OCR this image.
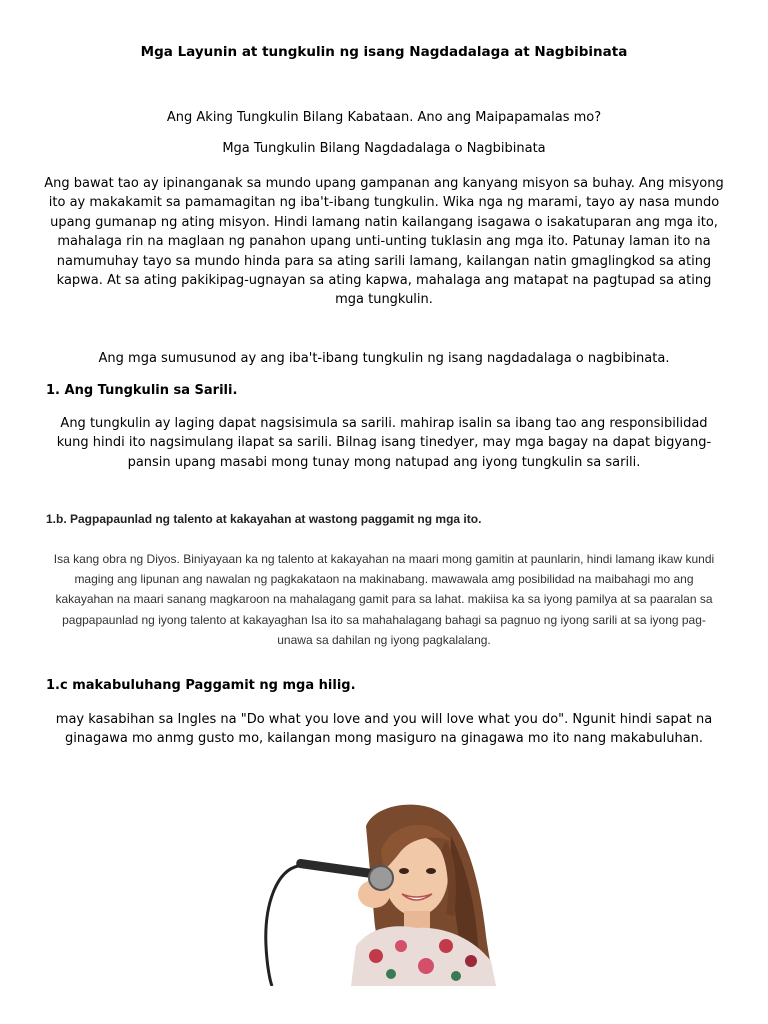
Mga Layunin at tungkulin ng isang Nagdadalaga at Nagbibinata
Ang Aking Tungkulin Bilang Kabataan. Ano ang Maipapamalas mo?
Mga Tungkulin Bilang Nagdadalaga o Nagbibinata
Ang bawat tao ay ipinanganak sa mundo upang gampanan ang kanyang misyon sa buhay. Ang misyong ito ay makakamit sa pamamagitan ng iba't-ibang tungkulin. Wika nga ng marami, tayo ay nasa mundo upang gumanap ng ating misyon. Hindi lamang natin kailangang isagawa o isakatuparan ang mga ito, mahalaga rin na maglaan ng panahon upang unti-unting tuklasin ang mga ito. Patunay laman ito na namumuhay tayo sa mundo hinda para sa ating sarili lamang, kailangan natin gmaglingkod sa ating kapwa. At sa ating pakikipag-ugnayan sa ating kapwa, mahalaga ang matapat na pagtupad sa ating mga tungkulin.
Ang mga sumusunod ay ang iba't-ibang tungkulin ng isang nagdadalaga o nagbibinata.
1. Ang Tungkulin sa Sarili.
Ang tungkulin ay laging dapat nagsisimula sa sarili. mahirap isalin sa ibang tao ang responsibilidad kung hindi ito nagsimulang ilapat sa sarili. Bilnag isang tinedyer, may mga bagay na dapat bigyang-pansin upang masabi mong tunay mong natupad ang iyong tungkulin sa sarili.
1.b. Pagpapaunlad ng talento at kakayahan at wastong paggamit ng mga ito.
Isa kang obra ng Diyos. Biniyayaan ka ng talento at kakayahan na maari mong gamitin at paunlarin, hindi lamang ikaw kundi maging ang lipunan ang nawalan ng pagkakataon na makinabang. mawawala amg posibilidad na maibahagi mo ang kakayahan na maari sanang magkaroon na mahalagang gamit para sa lahat. makiisa ka sa iyong pamilya at sa paaralan sa pagpapaunlad ng iyong talento at kakayaghan Isa ito sa mahahalagang bahagi sa pagnuo ng iyong sarili at sa iyong pag-unawa sa dahilan ng iyong pagkalalang.
1.c makabuluhang Paggamit ng mga hilig.
may kasabihan sa Ingles na "Do what you love and you will love what you do". Ngunit hindi sapat na ginagawa mo anmg gusto mo, kailangan mong masiguro na ginagawa mo ito nang makabuluhan.
